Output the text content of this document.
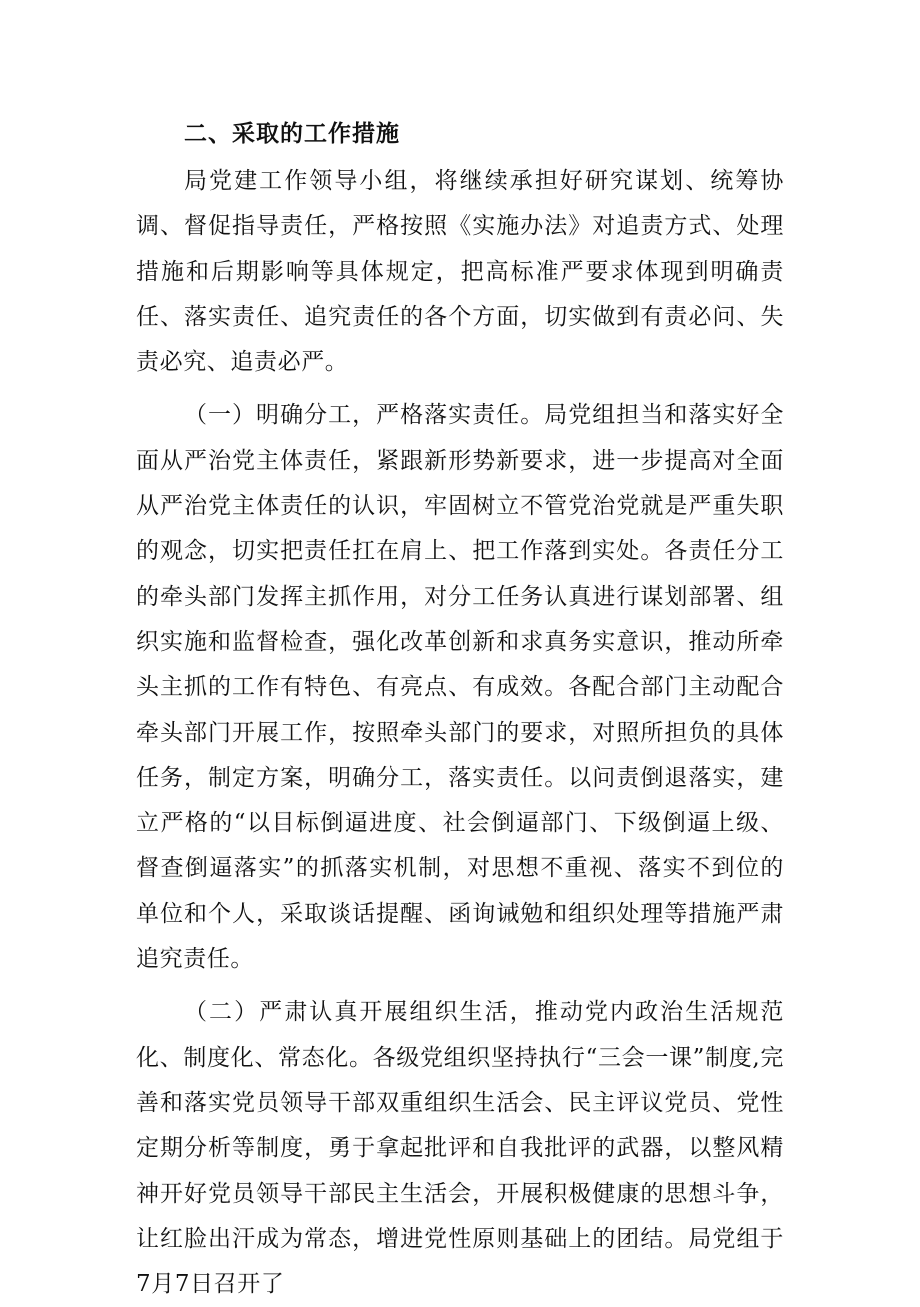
二、采取的工作措施

局党建工作领导小组，将继续承担好研究谋划、统筹协调、督促指导责任，严格按照《实施办法》对追责方式、处理措施和后期影响等具体规定，把高标准严要求体现到明确责任、落实责任、追究责任的各个方面，切实做到有责必问、失责必究、追责必严。

（一）明确分工，严格落实责任。局党组担当和落实好全面从严治党主体责任，紧跟新形势新要求，进一步提高对全面从严治党主体责任的认识，牢固树立不管党治党就是严重失职的观念，切实把责任扛在肩上、把工作落到实处。各责任分工的牵头部门发挥主抓作用，对分工任务认真进行谋划部署、组织实施和监督检查，强化改革创新和求真务实意识，推动所牵头主抓的工作有特色、有亮点、有成效。各配合部门主动配合牵头部门开展工作，按照牵头部门的要求，对照所担负的具体任务，制定方案，明确分工，落实责任。以问责倒退落实，建立严格的“以目标倒逼进度、社会倒逼部门、下级倒逼上级、督查倒逼落实”的抓落实机制，对思想不重视、落实不到位的单位和个人，采取谈话提醒、函询诫勉和组织处理等措施严肃追究责任。

（二）严肃认真开展组织生活，推动党内政治生活规范化、制度化、常态化。各级党组织坚持执行“三会一课”制度,完善和落实党员领导干部双重组织生活会、民主评议党员、党性定期分析等制度，勇于拿起批评和自我批评的武器，以整风精神开好党员领导干部民主生活会，开展积极健康的思想斗争，让红脸出汗成为常态，增进党性原则基础上的团结。局党组于7月7日召开了
